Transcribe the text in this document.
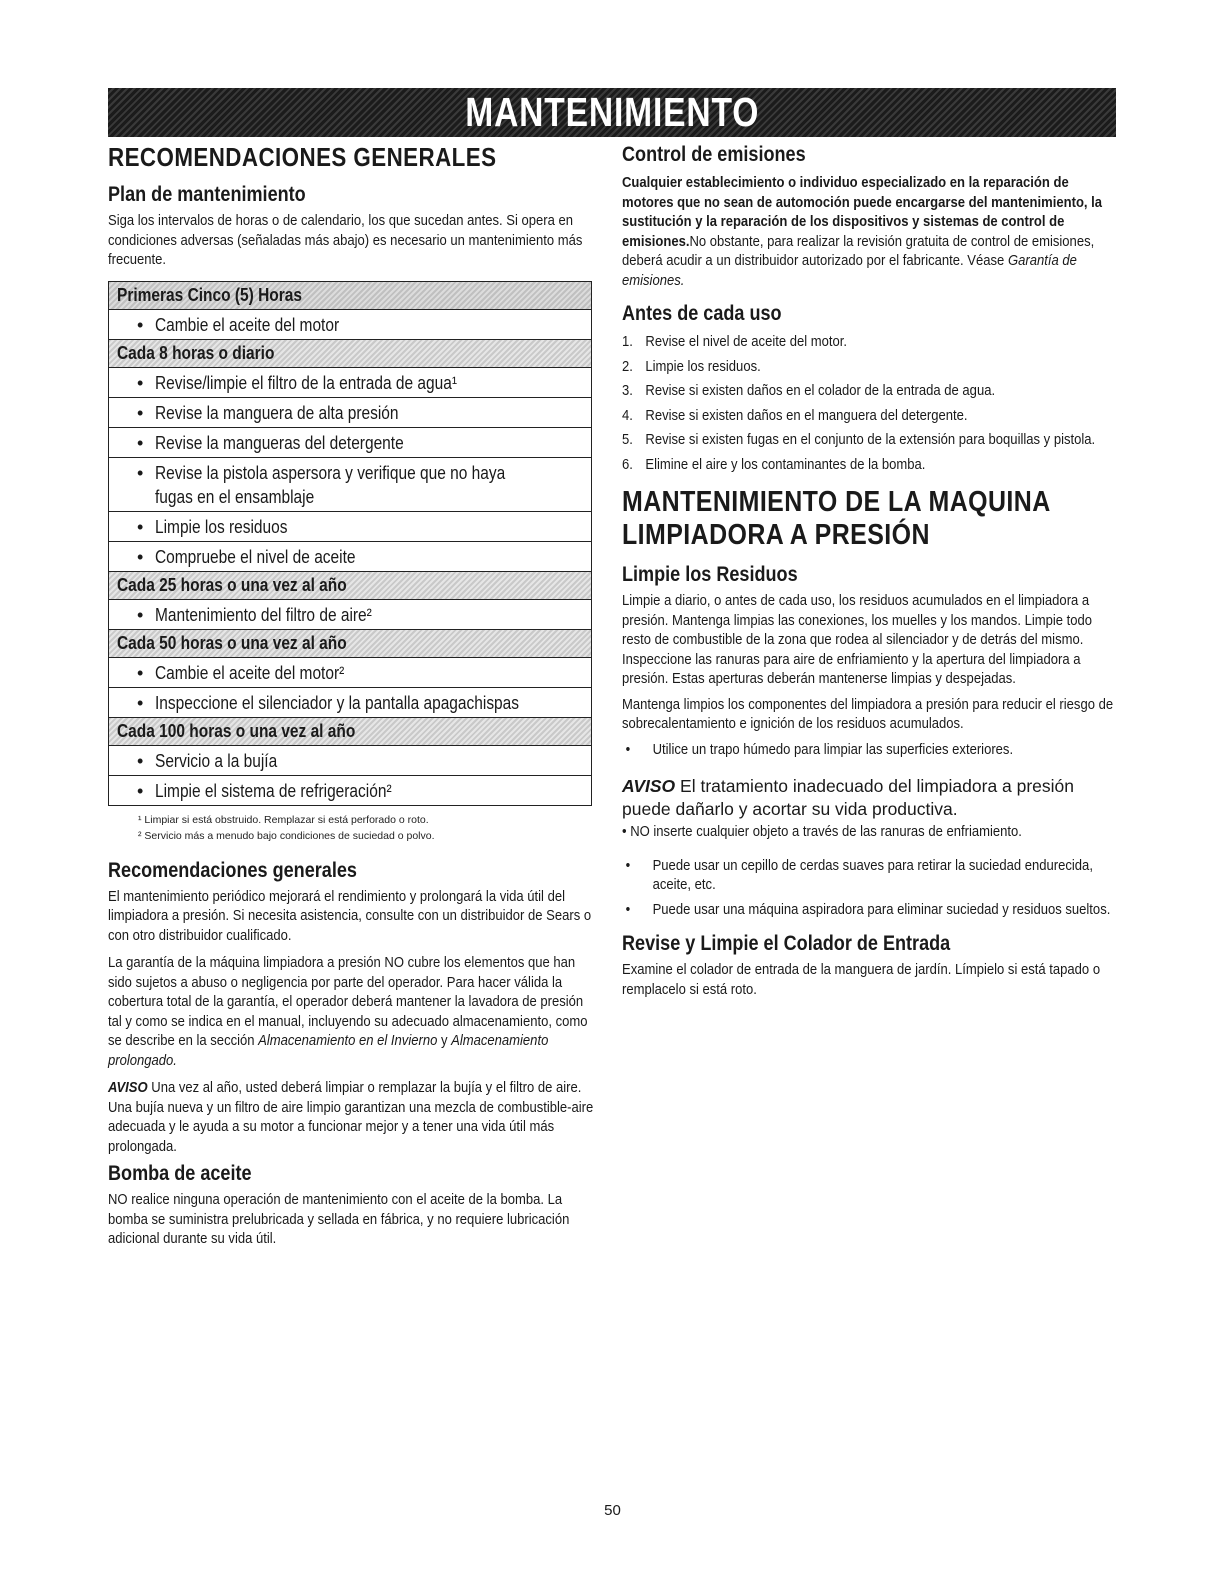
MANTENIMIENTO
RECOMENDACIONES GENERALES
Plan de mantenimiento

Siga los intervalos de horas o de calendario, los que sucedan antes. Si opera en condiciones adversas (señaladas más abajo) es necesario un mantenimiento más frecuente.

Primeras Cinco (5) Horas
• Cambie el aceite del motor
Cada 8 horas o diario
• Revise/limpie el filtro de la entrada de agua¹
• Revise la manguera de alta presión
• Revise la mangueras del detergente
• Revise la pistola aspersora y verifique que no haya fugas en el ensamblaje
• Limpie los residuos
• Compruebe el nivel de aceite
Cada 25 horas o una vez al año
• Mantenimiento del filtro de aire²
Cada 50 horas o una vez al año
• Cambie el aceite del motor²
• Inspeccione el silenciador y la pantalla apagachispas
Cada 100 horas o una vez al año
• Servicio a la bujía
• Limpie el sistema de refrigeración²

¹ Limpiar si está obstruido. Remplazar si está perforado o roto.

² Servicio más a menudo bajo condiciones de suciedad o polvo.

Recomendaciones generales

El mantenimiento periódico mejorará el rendimiento y prolongará la vida útil del limpiadora a presión. Si necesita asistencia, consulte con un distribuidor de Sears o con otro distribuidor cualificado.

La garantía de la máquina limpiadora a presión NO cubre los elementos que han sido sujetos a abuso o negligencia por parte del operador. Para hacer válida la cobertura total de la garantía, el operador deberá mantener la lavadora de presión tal y como se indica en el manual, incluyendo su adecuado almacenamiento, como se describe en la sección Almacenamiento en el Invierno y Almacenamiento prolongado.

AVISO Una vez al año, usted deberá limpiar o remplazar la bujía y el filtro de aire. Una bujía nueva y un filtro de aire limpio garantizan una mezcla de combustible-aire adecuada y le ayuda a su motor a funcionar mejor y a tener una vida útil más prolongada.

Bomba de aceite

NO realice ninguna operación de mantenimiento con el aceite de la bomba. La bomba se suministra prelubricada y sellada en fábrica, y no requiere lubricación adicional durante su vida útil.

Control de emisiones

Cualquier establecimiento o individuo especializado en la reparación de motores que no sean de automoción puede encargarse del mantenimiento, la sustitución y la reparación de los dispositivos y sistemas de control de emisiones.No obstante, para realizar la revisión gratuita de control de emisiones, deberá acudir a un distribuidor autorizado por el fabricante. Véase Garantía de emisiones.

Antes de cada uso
1. Revise el nivel de aceite del motor.
2. Limpie los residuos.
3. Revise si existen daños en el colador de la entrada de agua.
4. Revise si existen daños en el manguera del detergente.
5. Revise si existen fugas en el conjunto de la extensión para boquillas y pistola.
6. Elimine el aire y los contaminantes de la bomba.
MANTENIMIENTO DE LA MAQUINA
LIMPIADORA A PRESIÓN
Limpie los Residuos

Limpie a diario, o antes de cada uso, los residuos acumulados en el limpiadora a presión. Mantenga limpias las conexiones, los muelles y los mandos. Limpie todo resto de combustible de la zona que rodea al silenciador y de detrás del mismo. Inspeccione las ranuras para aire de enfriamiento y la apertura del limpiadora a presión. Estas aperturas deberán mantenerse limpias y despejadas.

Mantenga limpios los componentes del limpiadora a presión para reducir el riesgo de sobrecalentamiento e ignición de los residuos acumulados.

•	Utilice un trapo húmedo para limpiar las superficies exteriores.

AVISO El tratamiento inadecuado del limpiadora a presión puede dañarlo y acortar su vida productiva.

• NO inserte cualquier objeto a través de las ranuras de enfriamiento.

•	Puede usar un cepillo de cerdas suaves para retirar la suciedad endurecida, aceite, etc.
•	Puede usar una máquina aspiradora para eliminar suciedad y residuos sueltos.
Revise y Limpie el Colador de Entrada

Examine el colador de entrada de la manguera de jardín. Límpielo si está tapado o remplacelo si está roto.

50
